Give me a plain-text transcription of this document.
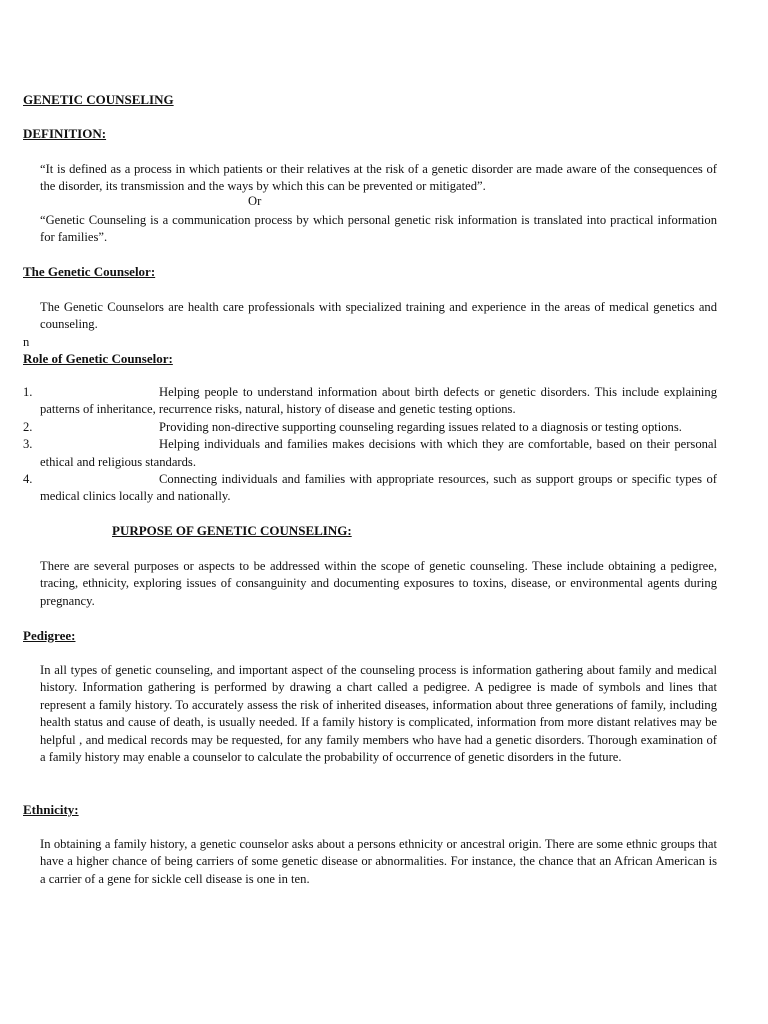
GENETIC COUNSELING
DEFINITION:

“It is defined as a process in which patients or their relatives at the risk of a genetic disorder are made aware of the consequences of the disorder, its transmission and the ways by which this can be prevented or mitigated”.

Or

“Genetic Counseling is a communication process by which personal genetic risk information is translated into practical information for families”.

The Genetic Counselor:

The Genetic Counselors are health care professionals with specialized training and experience in the areas of medical genetics and counseling.

n

Role of Genetic Counselor:
1.	Helping people to understand information about birth defects or genetic disorders. This include explaining patterns of inheritance, recurrence risks, natural, history of disease and genetic testing options.
2.	Providing non-directive supporting counseling regarding issues related to a diagnosis or testing options.
3.	Helping individuals and families makes decisions with which they are comfortable, based on their personal ethical and religious standards.
4.	Connecting individuals and families with appropriate resources, such as support groups or specific types of medical clinics locally and nationally.
PURPOSE OF GENETIC COUNSELING:

There are several purposes or aspects to be addressed within the scope of genetic counseling. These include obtaining a pedigree, tracing, ethnicity, exploring issues of consanguinity and documenting exposures to toxins, disease, or environmental agents during pregnancy.

Pedigree:

In all types of genetic counseling, and important aspect of the counseling process is information gathering about family and medical history. Information gathering is performed by drawing a chart called a pedigree. A pedigree is made of symbols and lines that represent a family history. To accurately assess the risk of inherited diseases, information about three generations of family, including health status and cause of death, is usually needed. If a family history is complicated, information from more distant relatives may be helpful , and medical records may be requested, for any family members who have had a genetic disorders. Thorough examination of a family history may enable a counselor to calculate the probability of occurrence of genetic disorders in the future.

Ethnicity:

In obtaining a family history, a genetic counselor asks about a persons ethnicity or ancestral origin. There are some ethnic groups that have a higher chance of being carriers of some genetic disease or abnormalities. For instance, the chance that an African American is a carrier of a gene for sickle cell disease is one in ten.
